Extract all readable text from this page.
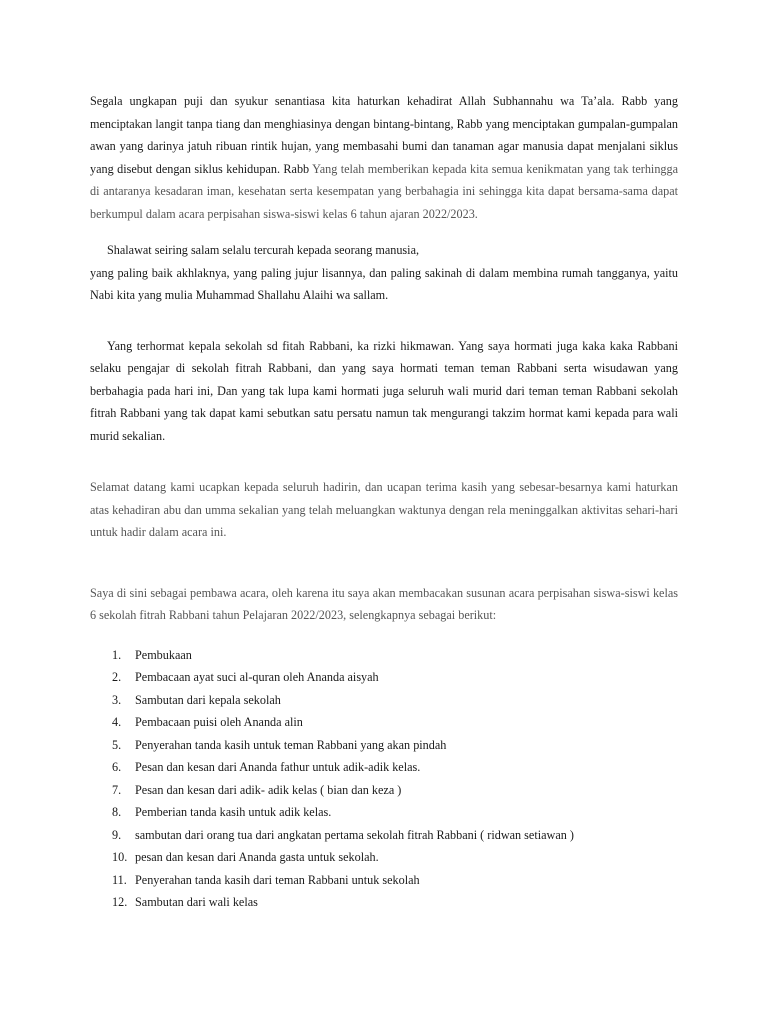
Segala ungkapan puji dan syukur senantiasa kita haturkan kehadirat Allah Subhannahu wa Ta’ala. Rabb yang menciptakan langit tanpa tiang dan menghiasinya dengan bintang-bintang, Rabb yang menciptakan gumpalan-gumpalan awan yang darinya jatuh ribuan rintik hujan, yang membasahi bumi dan tanaman agar manusia dapat menjalani siklus yang disebut dengan siklus kehidupan. Rabb Yang telah memberikan kepada kita semua kenikmatan yang tak terhingga di antaranya kesadaran iman, kesehatan serta kesempatan yang berbahagia ini sehingga kita dapat bersama-sama dapat berkumpul dalam acara perpisahan siswa-siswi kelas 6 tahun ajaran 2022/2023.

Shalawat seiring salam selalu tercurah kepada seorang manusia,

yang paling baik akhlaknya, yang paling jujur lisannya, dan paling sakinah di dalam membina rumah tangganya, yaitu Nabi kita yang mulia Muhammad Shallahu Alaihi wa sallam.

Yang terhormat kepala sekolah sd fitah Rabbani, ka rizki hikmawan. Yang saya hormati juga kaka kaka Rabbani selaku pengajar di sekolah fitrah Rabbani, dan yang saya hormati teman teman Rabbani serta wisudawan yang berbahagia pada hari ini, Dan yang tak lupa kami hormati juga seluruh wali murid dari teman teman Rabbani sekolah fitrah Rabbani yang tak dapat kami sebutkan satu persatu namun tak mengurangi takzim hormat kami kepada para wali murid sekalian.

Selamat datang kami ucapkan kepada seluruh hadirin, dan ucapan terima kasih yang sebesar-besarnya kami haturkan atas kehadiran abu dan umma sekalian yang telah meluangkan waktunya dengan rela meninggalkan aktivitas sehari-hari untuk hadir dalam acara ini.

Saya di sini sebagai pembawa acara, oleh karena itu saya akan membacakan susunan acara perpisahan siswa-siswi kelas 6 sekolah fitrah Rabbani tahun Pelajaran 2022/2023, selengkapnya sebagai berikut:

1. Pembukaan
2. Pembacaan ayat suci al-quran oleh Ananda aisyah
3. Sambutan dari kepala sekolah
4. Pembacaan puisi oleh Ananda alin
5. Penyerahan tanda kasih untuk teman Rabbani yang akan pindah
6. Pesan dan kesan dari Ananda fathur untuk adik-adik kelas.
7. Pesan dan kesan dari adik- adik kelas ( bian dan keza )
8. Pemberian tanda kasih untuk adik kelas.
9. sambutan dari orang tua dari angkatan pertama sekolah fitrah Rabbani ( ridwan setiawan )
10. pesan dan kesan dari Ananda gasta untuk sekolah.
11. Penyerahan tanda kasih dari teman Rabbani untuk sekolah
12. Sambutan dari wali kelas
